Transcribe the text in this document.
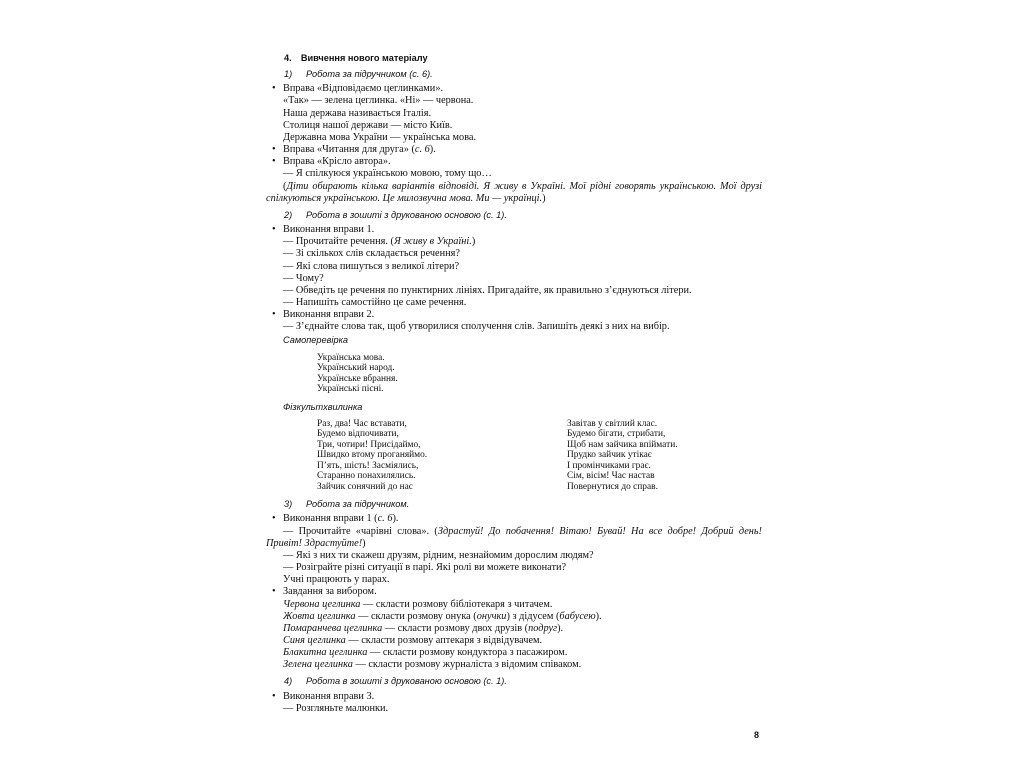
4. Вивчення нового матеріалу
1) Робота за підручником (с. 6).
• Вправа «Відповідаємо цеглинками».
«Так» — зелена цеглинка. «Ні» — червона.
Наша держава називається Італія.
Столиця нашої держави — місто Київ.
Державна мова України — українська мова.
• Вправа «Читання для друга» (с. 6).
• Вправа «Крісло автора».
— Я спілкуюся українською мовою, тому що…
(Діти обирають кілька варіантів відповіді. Я живу в Україні. Мої рідні говорять українською. Мої друзі спілкуються українською. Це милозвучна мова. Ми — українці.)
2) Робота в зошиті з друкованою основою (с. 1).
• Виконання вправи 1.
— Прочитайте речення. (Я живу в Україні.)
— Зі скількох слів складається речення?
— Які слова пишуться з великої літери?
— Чому?
— Обведіть це речення по пунктирних лініях. Пригадайте, як правильно з’єднуються літери.
— Напишіть самостійно це саме речення.
• Виконання вправи 2.
— З’єднайте слова так, щоб утворилися сполучення слів. Запишіть деякі з них на вибір.
Самоперевірка
Українська мова.
Український народ.
Українське вбрання.
Українські пісні.
Фізкультхвилинка
Раз, два! Час вставати,
Будемо відпочивати,
Три, чотири! Присідаймо,
Швидко втому проганяймо.
П’ять, шість! Засміялись,
Старанно понахилялись.
Зайчик сонячний до нас
Завітав у світлий клас.
Будемо бігати, стрибати,
Щоб нам зайчика впіймати.
Прудко зайчик утікає
І промінчиками грає.
Сім, вісім! Час настав
Повернутися до справ.
3) Робота за підручником.
• Виконання вправи 1 (с. 6).
— Прочитайте «чарівні слова». (Здрастуй! До побачення! Вітаю! Бувай! На все добре! Добрий день! Привіт! Здрастуйте!)
— Які з них ти скажеш друзям, рідним, незнайомим дорослим людям?
— Розіграйте різні ситуації в парі. Які ролі ви можете виконати?
Учні працюють у парах.
• Завдання за вибором.
Червона цеглинка — скласти розмову бібліотекаря з читачем.
Жовта цеглинка — скласти розмову онука (онучки) з дідусем (бабусею).
Помаранчева цеглинка — скласти розмову двох друзів (подруг).
Синя цеглинка — скласти розмову аптекаря з відвідувачем.
Блакитна цеглинка — скласти розмову кондуктора з пасажиром.
Зелена цеглинка — скласти розмову журналіста з відомим співаком.
4) Робота в зошиті з друкованою основою (с. 1).
• Виконання вправи 3.
— Розгляньте малюнки.
8
